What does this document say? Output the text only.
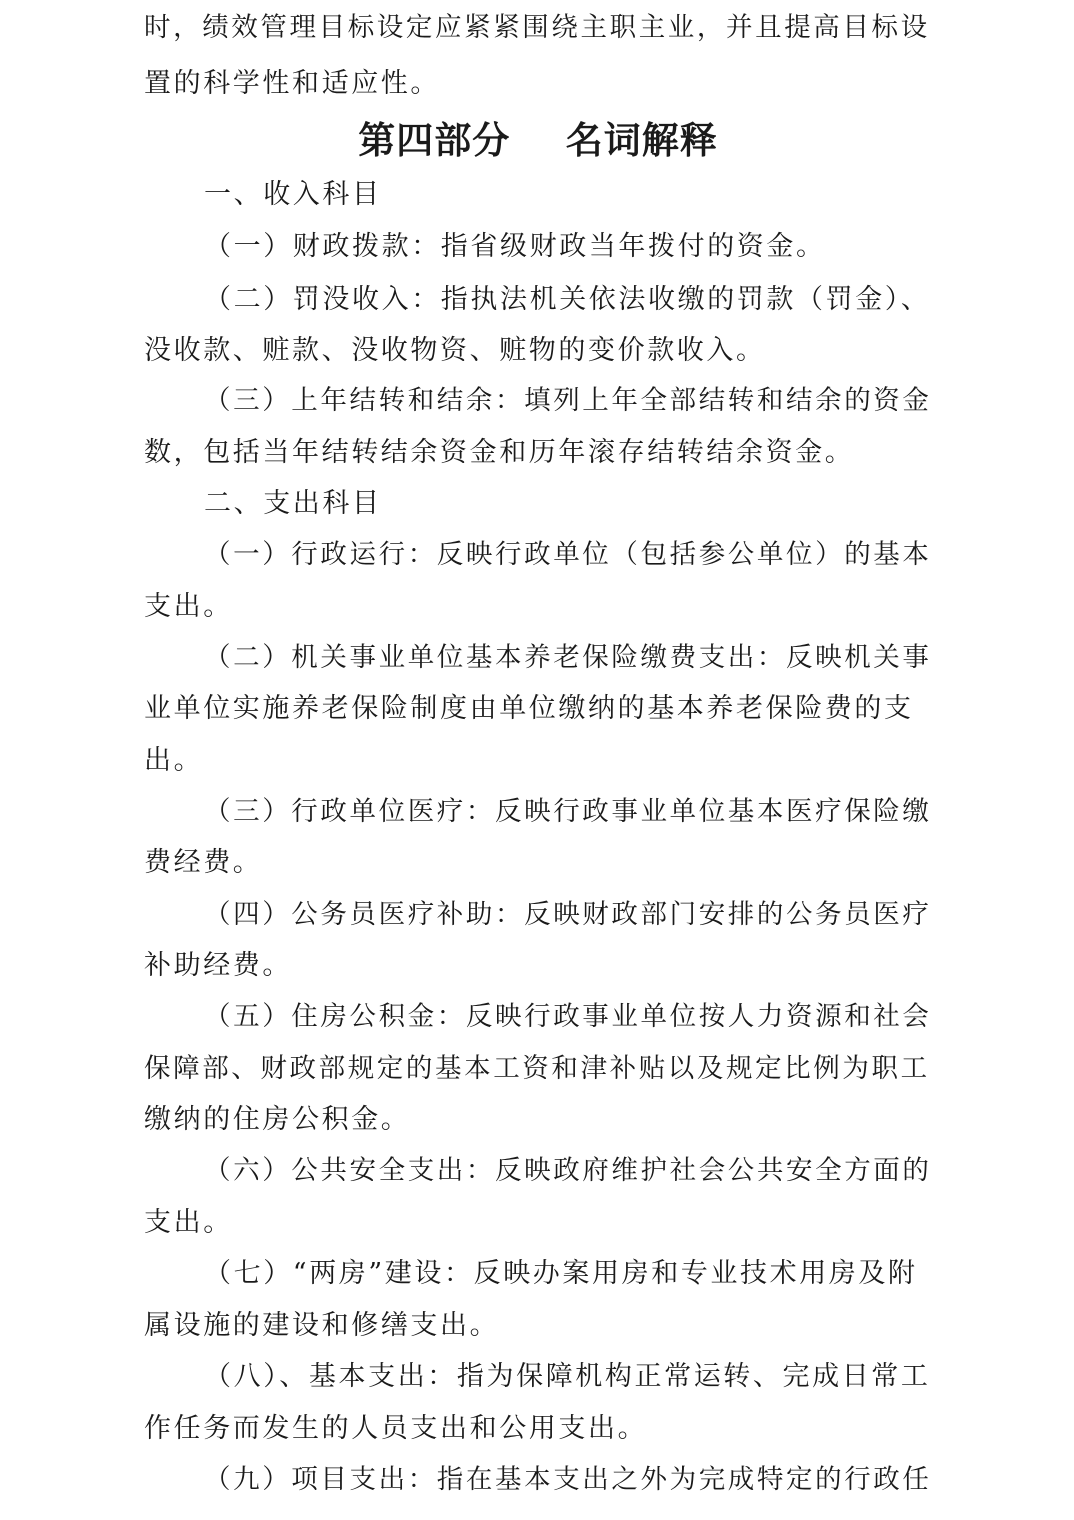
时，绩效管理目标设定应紧紧围绕主职主业，并且提高目标设
置的科学性和适应性。
第四部分    名词解释
一、收入科目
（一）财政拨款：指省级财政当年拨付的资金。
（二）罚没收入：指执法机关依法收缴的罚款（罚金）、
没收款、赃款、没收物资、赃物的变价款收入。
（三）上年结转和结余：填列上年全部结转和结余的资金
数，包括当年结转结余资金和历年滚存结转结余资金。
二、支出科目
（一）行政运行：反映行政单位（包括参公单位）的基本
支出。
（二）机关事业单位基本养老保险缴费支出：反映机关事
业单位实施养老保险制度由单位缴纳的基本养老保险费的支
出。
（三）行政单位医疗：反映行政事业单位基本医疗保险缴
费经费。
（四）公务员医疗补助：反映财政部门安排的公务员医疗
补助经费。
（五）住房公积金：反映行政事业单位按人力资源和社会
保障部、财政部规定的基本工资和津补贴以及规定比例为职工
缴纳的住房公积金。
（六）公共安全支出：反映政府维护社会公共安全方面的
支出。
（七）“两房”建设：反映办案用房和专业技术用房及附
属设施的建设和修缮支出。
（八）、基本支出：指为保障机构正常运转、完成日常工
作任务而发生的人员支出和公用支出。
（九）项目支出：指在基本支出之外为完成特定的行政任
